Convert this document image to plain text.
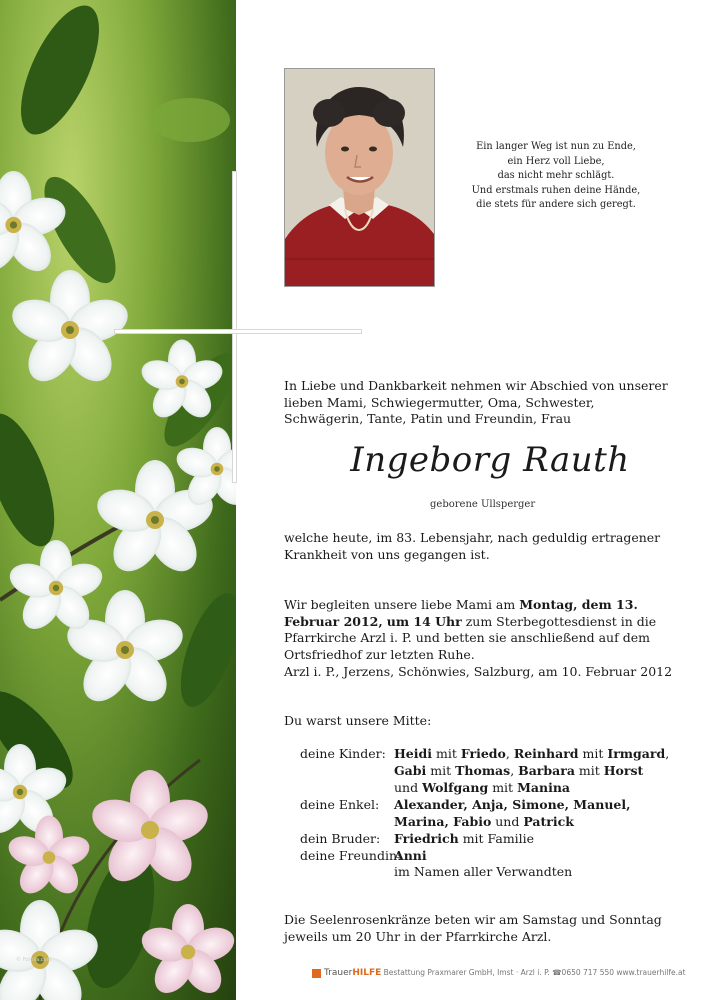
© Fotolia.com
Ein langer Weg ist nun zu Ende,
ein Herz voll Liebe,
das nicht mehr schlägt.
Und erstmals ruhen deine Hände,
die stets für andere sich geregt.
In Liebe und Dankbarkeit nehmen wir Abschied von unserer lieben Mami, Schwiegermutter, Oma, Schwester, Schwägerin, Tante, Patin und Freundin, Frau
Ingeborg Rauth
geborene Ullsperger
welche heute, im 83. Lebensjahr, nach geduldig ertragener Krankheit von uns gegangen ist.
Wir begleiten unsere liebe Mami am Montag, dem 13. Februar 2012, um 14 Uhr zum Sterbegottesdienst in die Pfarrkirche Arzl i. P. und betten sie anschließend auf dem Ortsfriedhof zur letzten Ruhe.
Arzl i. P., Jerzens, Schönwies, Salzburg, am 10. Februar 2012
Du warst unsere Mitte:
deine Kinder: Heidi mit Friedo, Reinhard mit Irmgard,
Gabi mit Thomas, Barbara mit Horst
und Wolfgang mit Manina
deine Enkel: Alexander, Anja, Simone, Manuel,
Marina, Fabio und Patrick
dein Bruder: Friedrich mit Familie
deine Freundin:
Anni
im Namen aller Verwandten
Die Seelenrosenkränze beten wir am Samstag und Sonntag jeweils um 20 Uhr in der Pfarrkirche Arzl.
TrauerHILFE Bestattung Praxmarer GmbH, Imst · Arzl i. P. ☎0650 717 550 www.trauerhilfe.at
